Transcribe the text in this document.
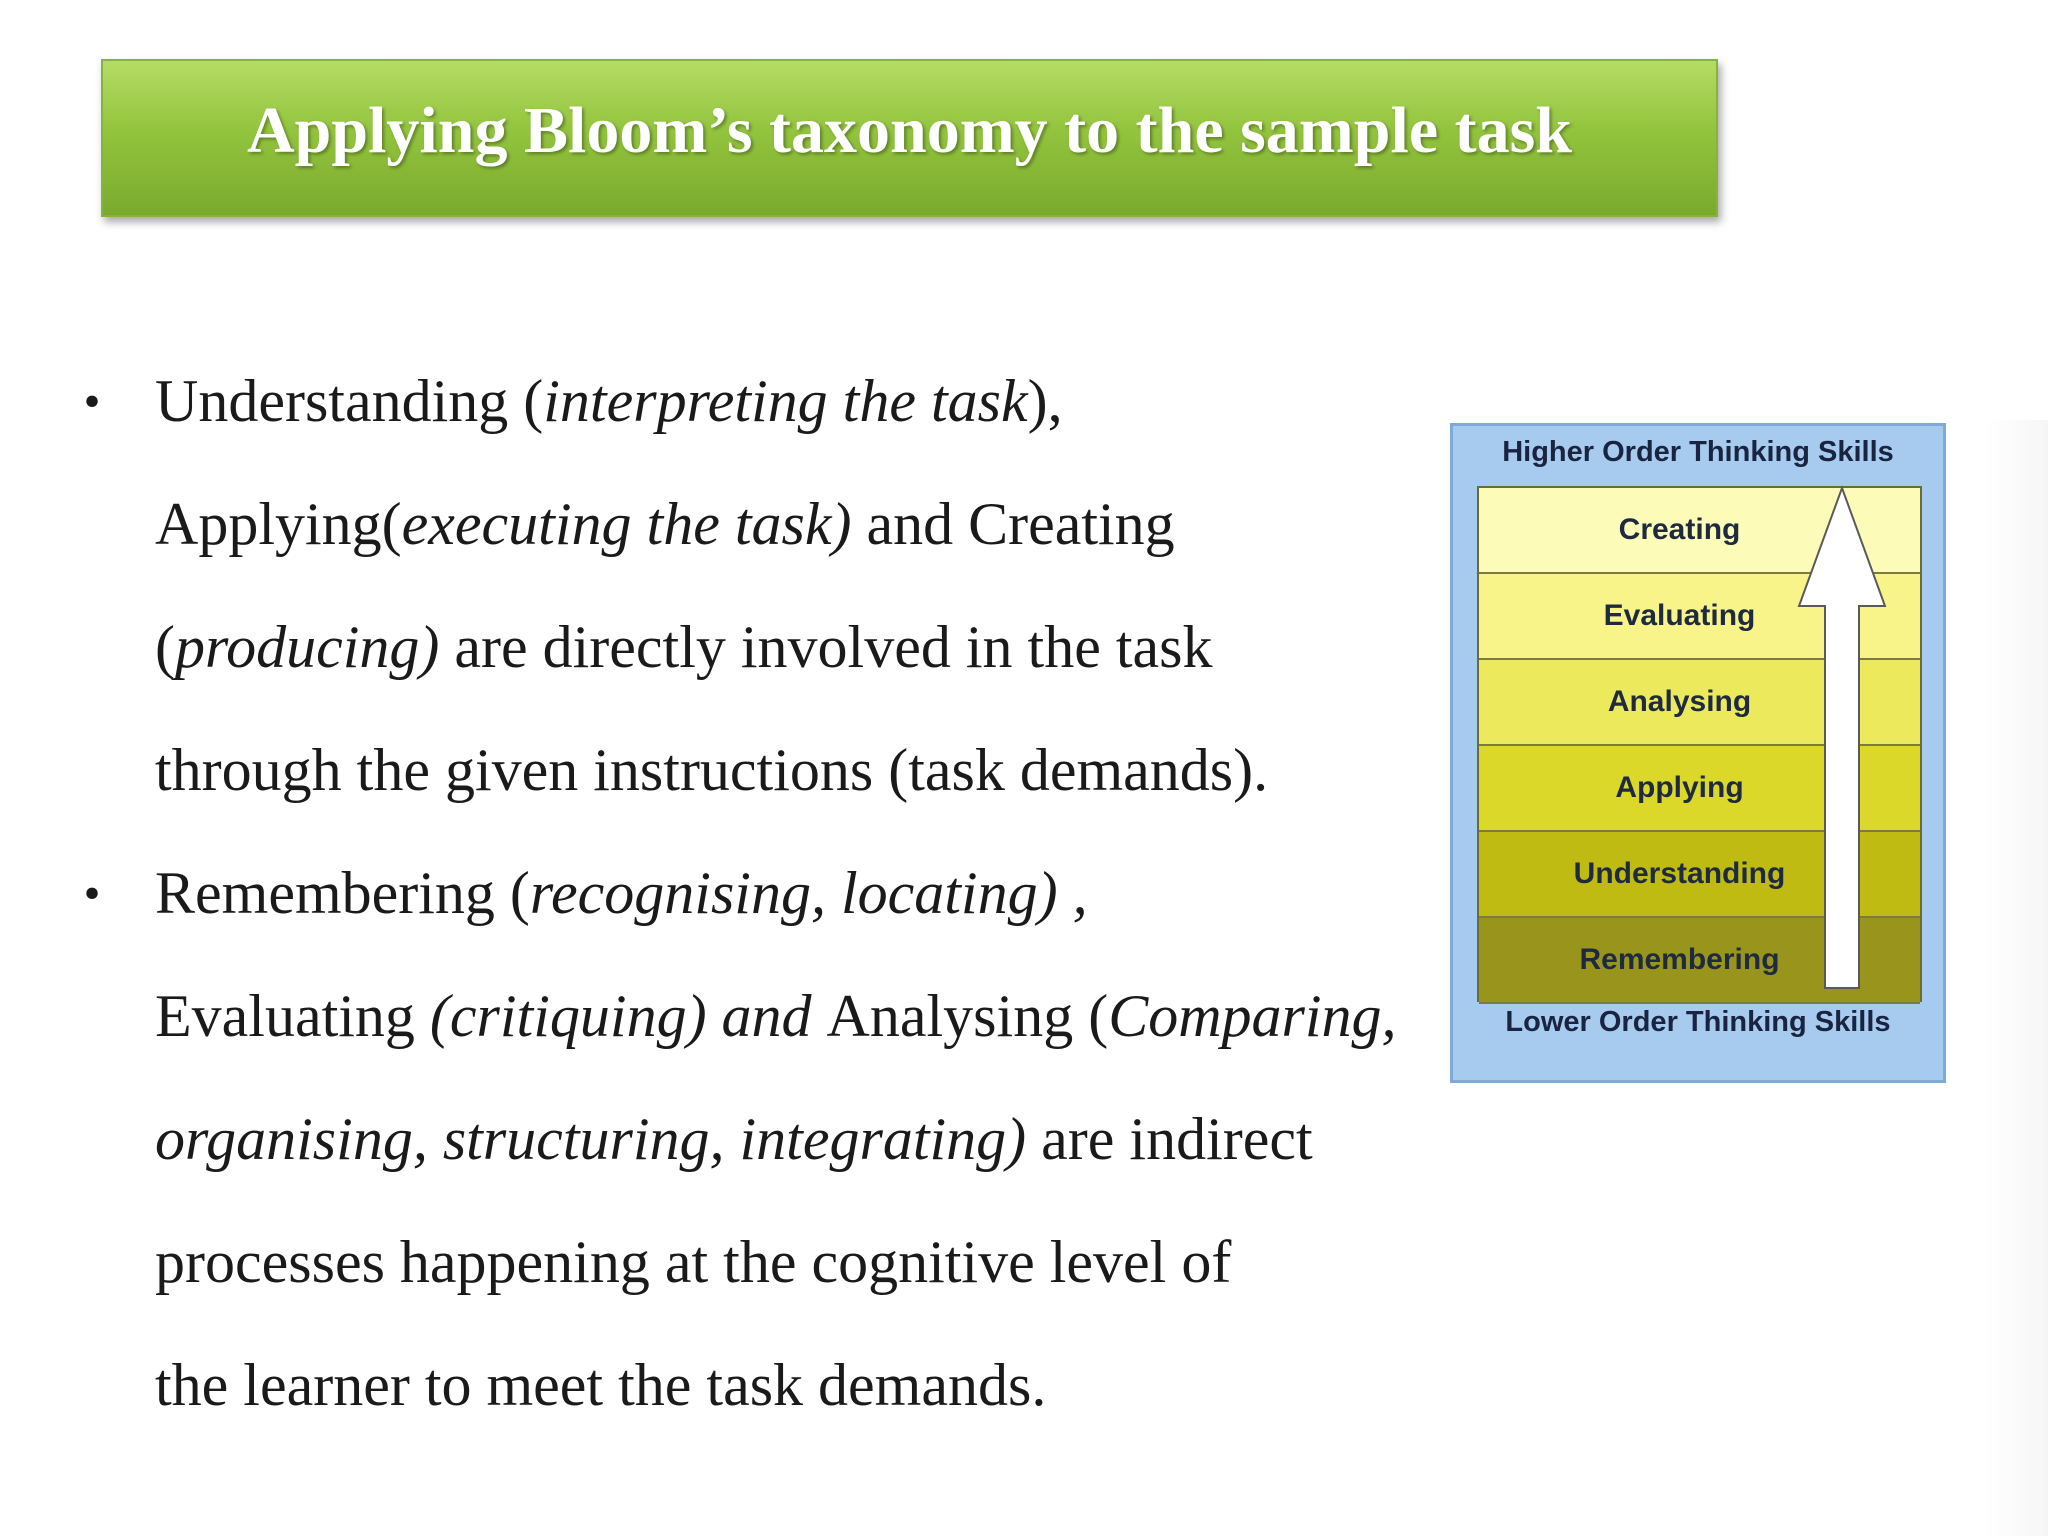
Applying Bloom’s taxonomy to the sample task
• Understanding (interpreting the task),
Applying(executing the task) and Creating
(producing) are directly involved in the task
through the given instructions (task demands).
• Remembering (recognising, locating) ,
Evaluating (critiquing) and Analysing (Comparing,
organising, structuring, integrating) are indirect
processes happening at the cognitive level of
the learner to meet the task demands.
Higher Order Thinking Skills
Creating
Evaluating
Analysing
Applying
Understanding
Remembering
Lower Order Thinking Skills
